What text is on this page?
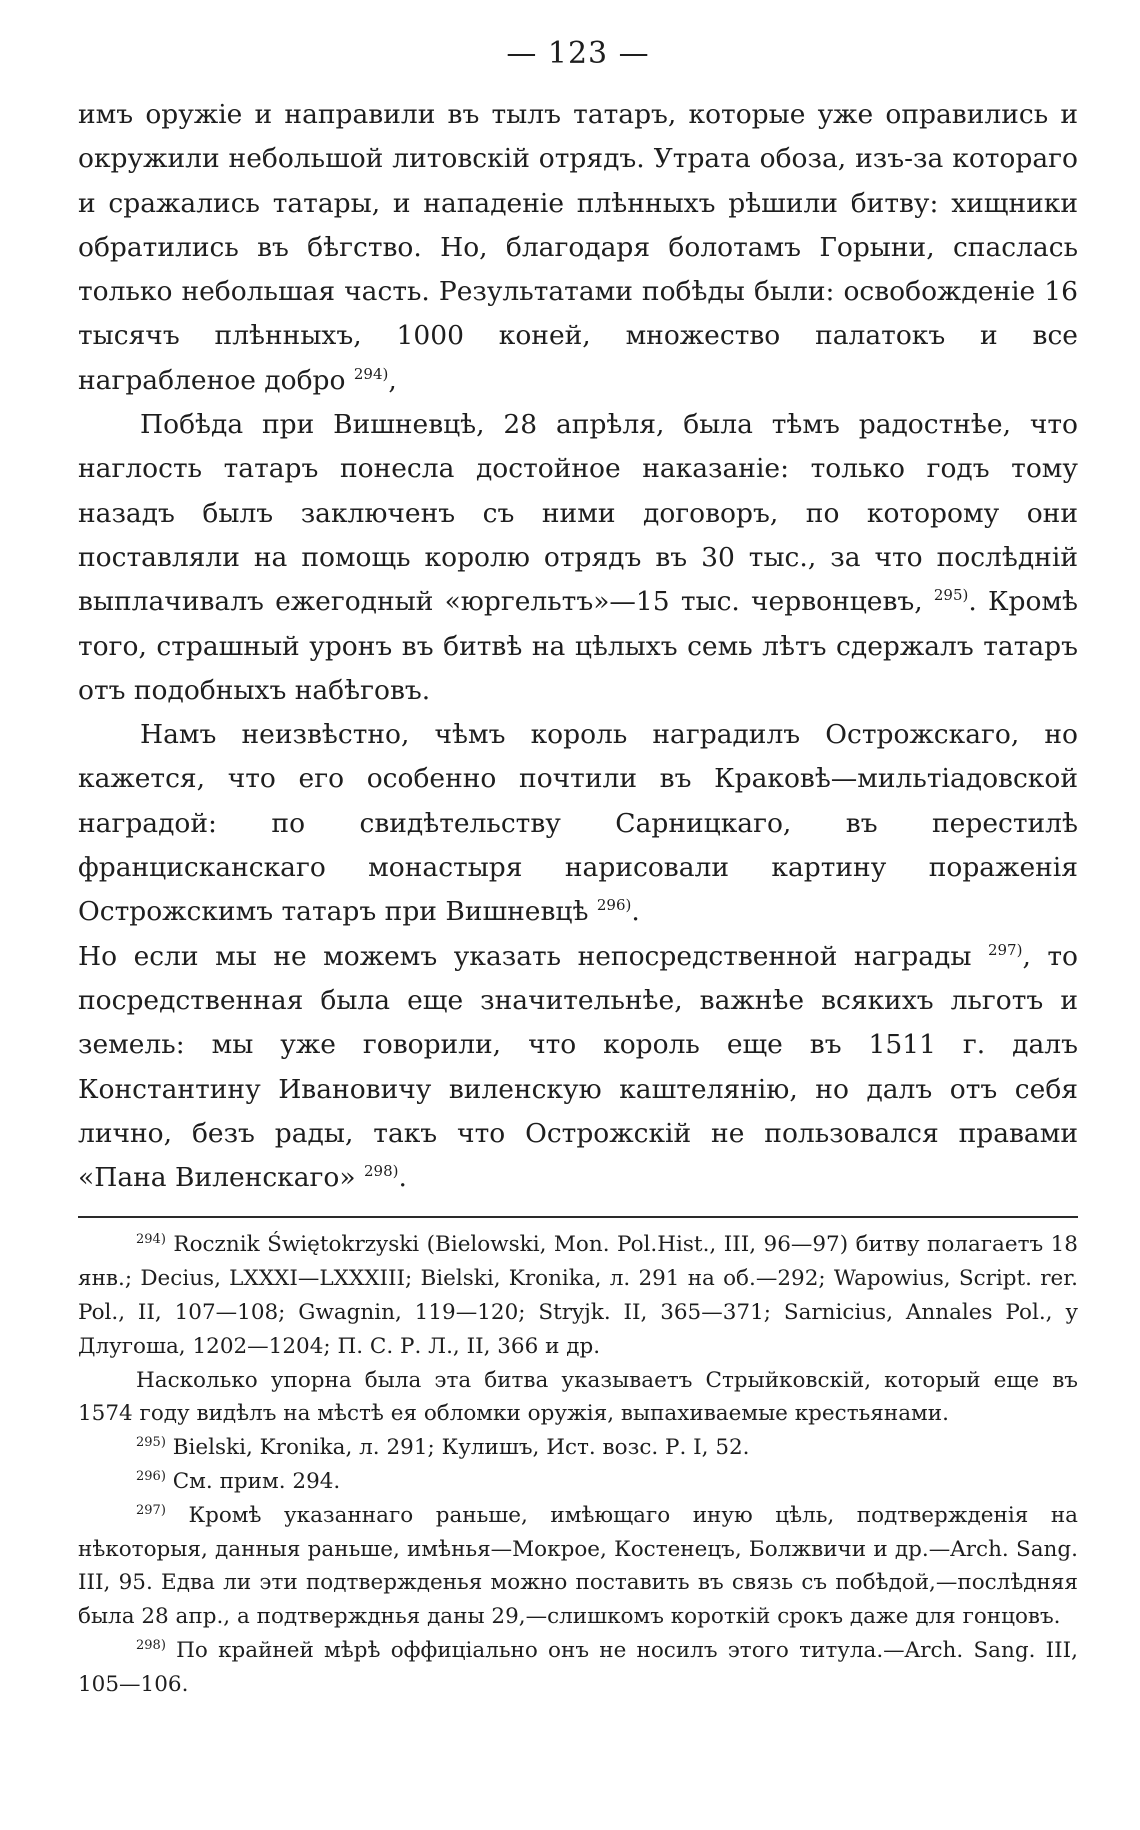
— 123 —

имъ оружіе и направили въ тылъ татаръ, которые уже оправились и окружили небольшой литовскій отрядъ. Утрата обоза, изъ-за котораго и сражались татары, и нападеніе плѣнныхъ рѣшили битву: хищники обратились въ бѣгство. Но, благодаря болотамъ Горыни, спаслась только небольшая часть. Результатами побѣды были: освобожденіе 16 тысячъ плѣнныхъ, 1000 коней, множество палатокъ и все награбленое добро $^{294)}$,

Побѣда при Вишневцѣ, 28 апрѣля, была тѣмъ радостнѣе, что наглость татаръ понесла достойное наказаніе: только годъ тому назадъ былъ заключенъ съ ними договоръ, по которому они поставляли на помощь королю отрядъ въ 30 тыс., за что послѣдній выплачивалъ ежегодный «юргельтъ»—15 тыс. червонцевъ, $^{295)}$. Кромѣ того, страшный уронъ въ битвѣ на цѣлыхъ семь лѣтъ сдержалъ татаръ отъ подобныхъ набѣговъ.

Намъ неизвѣстно, чѣмъ король наградилъ Острожскаго, но кажется, что его особенно почтили въ Краковѣ—мильтіадовской наградой: по свидѣтельству Сарницкаго, въ перестилѣ францисканскаго монастыря нарисовали картину пораженія Острожскимъ татаръ при Вишневцѣ $^{296)}$.

Но если мы не можемъ указать непосредственной награды $^{297)}$, то посредственная была еще значительнѣе, важнѣе всякихъ льготъ и земель: мы уже говорили, что король еще въ 1511 г. далъ Константину Ивановичу виленскую каштелянію, но далъ отъ себя лично, безъ рады, такъ что Острожскій не пользовался правами «Пана Виленскаго» $^{298)}$.

$^{294)}$ Rocznik Świętokrzyski (Bielowski, Mon. Pol.Hist., III, 96—97) битву полагаетъ 18 янв.; Decius, LXXXI—LXXXIII; Bielski, Kronika, л. 291 на об.—292; Wapowius, Script. rer. Pol., II, 107—108; Gwagnin, 119—120; Stryjk. II, 365—371; Sarnicius, Annales Pol., у Длугоша, 1202—1204; П. С. Р. Л., II, 366 и др.

Насколько упорна была эта битва указываетъ Стрыйковскій, который еще въ 1574 году видѣлъ на мѣстѣ ея обломки оружія, выпахиваемые крестьянами.

$^{295)}$ Bielski, Kronika, л. 291; Кулишъ, Ист. возс. Р. I, 52.

$^{296)}$ См. прим. 294.

$^{297)}$ Кромѣ указаннаго раньше, имѣющаго иную цѣль, подтвержденія на нѣкоторыя, данныя раньше, имѣнья—Мокрое, Костенецъ, Болжвичи и др.—Arch. Sang. III, 95. Едва ли эти подтвержденья можно поставить въ связь съ побѣдой,—послѣдняя была 28 апр., а подтвержднья даны 29,—слишкомъ короткій срокъ даже для гонцовъ.

$^{298)}$ По крайней мѣрѣ оффиціально онъ не носилъ этого титула.—Arch. Sang. III, 105—106.
